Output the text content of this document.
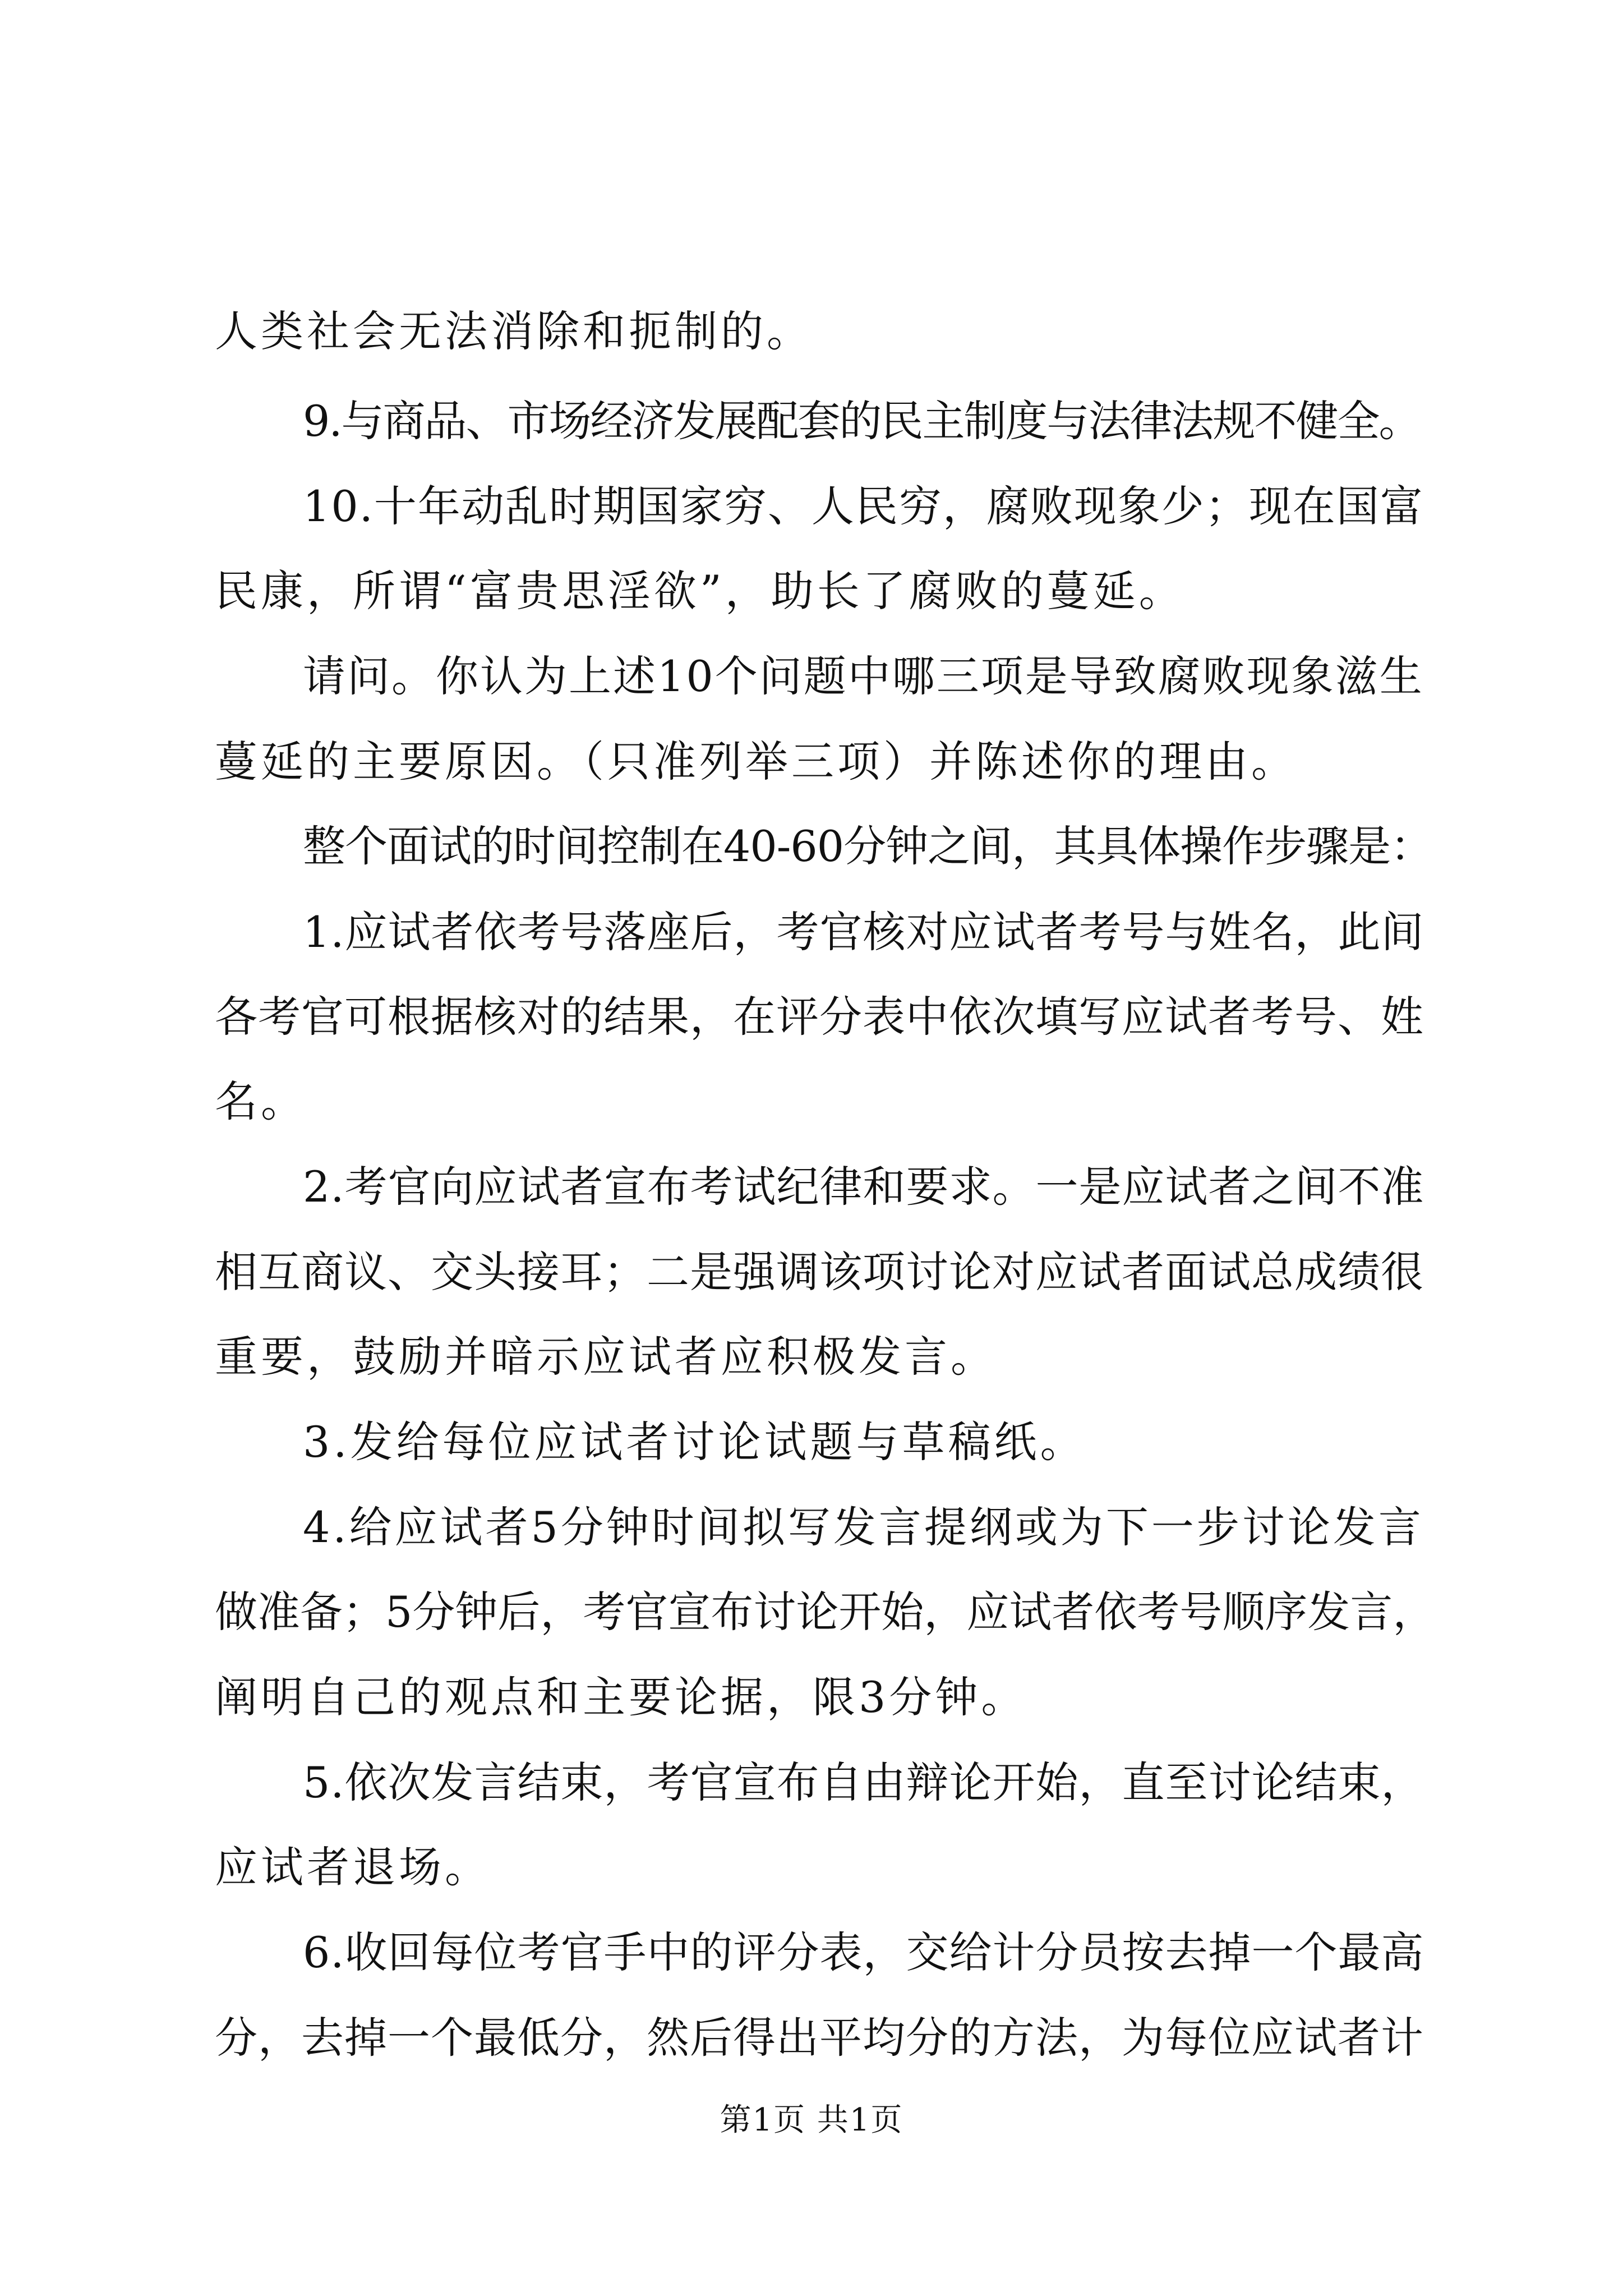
人类社会无法消除和扼制的。
9.与商品、市场经济发展配套的民主制度与法律法规不健全。
10.十年动乱时期国家穷、人民穷，腐败现象少；现在国富
民康，所谓“富贵思淫欲”，助长了腐败的蔓延。
请问。你认为上述10个问题中哪三项是导致腐败现象滋生
蔓延的主要原因。（只准列举三项）并陈述你的理由。
整个面试的时间控制在40-60分钟之间，其具体操作步骤是：
1.应试者依考号落座后，考官核对应试者考号与姓名，此间
各考官可根据核对的结果，在评分表中依次填写应试者考号、姓
名。
2.考官向应试者宣布考试纪律和要求。一是应试者之间不准
相互商议、交头接耳；二是强调该项讨论对应试者面试总成绩很
重要，鼓励并暗示应试者应积极发言。
3.发给每位应试者讨论试题与草稿纸。
4.给应试者5分钟时间拟写发言提纲或为下一步讨论发言
做准备；5分钟后，考官宣布讨论开始，应试者依考号顺序发言，
阐明自己的观点和主要论据，限3分钟。
5.依次发言结束，考官宣布自由辩论开始，直至讨论结束，
应试者退场。
6.收回每位考官手中的评分表，交给计分员按去掉一个最高
分，去掉一个最低分，然后得出平均分的方法，为每位应试者计
第1页 共1页
